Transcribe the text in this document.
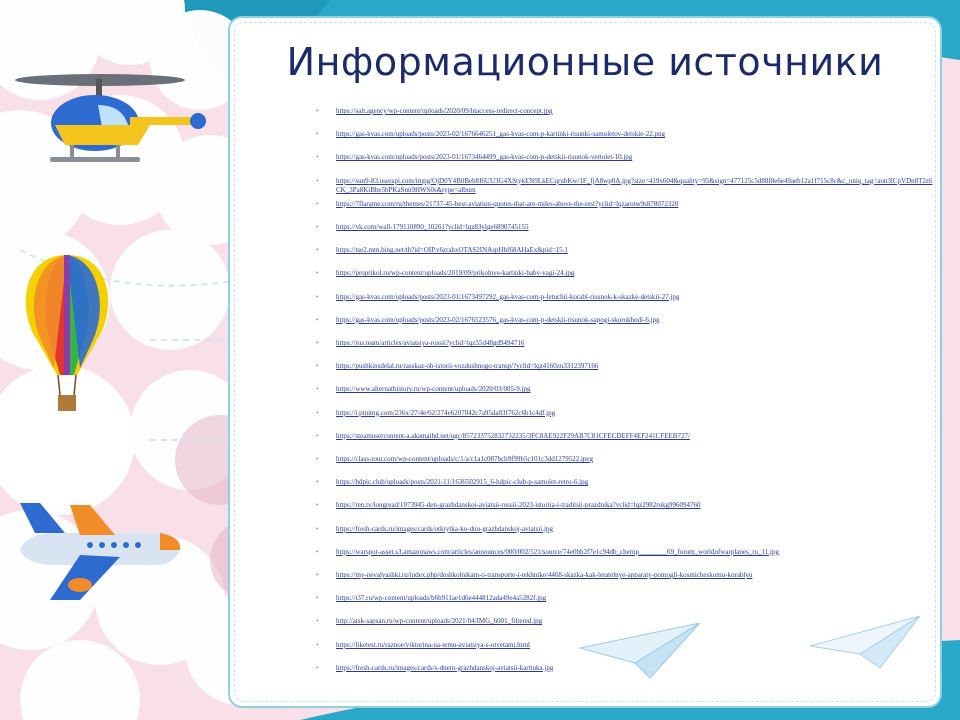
Информационные источники
• https://salt.agency/wp-content/uploads/2020/09/htaccess-redirect-concept.jpg
• https://gas-kvas.com/uploads/posts/2023-02/1676646251_gas-kvas-com-p-kartinki-risunki-samoletov-detskie-22.png
• https://gas-kvas.com/uploads/posts/2023-01/1673464499_gas-kvas-com-p-detskii-risunok-vertolet-10.jpg
• https://sun9-83.userapi.com/impg/OjD0Y4B0Beb8I6UU3G4XStykEN9LkECqrubKw/1F_fjA8wp0A.jpg?size=419x604&quality=95&sign=477125c5d88f8e6e49aeb12a1f715c8c&c_uniq_tag=aon3lCpVDn8T2z6CK_3Pa8KiBbe5bPKaSnn9HWS0s&type=album
• https://7flarame.com/ru/themes/21737-45-best-aviation-quotes-that-are-miles-above-the-rest?yclid=lqzarotw9s878072320
• https://vk.com/wall-179110890_10261?yclid=lqz83ylge6890745155
• https://tse2.mm.bing.net/th?id=OIP.v6zrabxOTAS2INAspHbf68AHaEx&pid=15.1
• https://proprikol.ru/wp-content/uploads/2019/09/prikolnye-kartinki-baby-yagi-24.jpg
• https://gas-kvas.com/uploads/posts/2023-01/1673497292_gas-kvas-com-p-letuchii-korabl-risunok-k-skazke-detskii-27.jpg
• https://gas-kvas.com/uploads/posts/2023-02/1676523576_gas-kvas-com-p-detskii-risunok-sapogi-skorokhodi-6.jpg
• https://rus.team/articles/aviatsiya-rossii?yclid=lqz55d48gd9494716
• https://pushkinsdelal.ru/rasskaz-ob-istorii-vozdushnogo-transp/?yclid=lqz4160zu3312397166
• https://www.alternathistory.ru/wp-content/uploads/2020/03/005-9.jpg
• https://i.pinimg.com/236x/27/4e/62/274e6207042c7a95da83f762c6b1c4df.jpg
• https://steamusercontent-a.akamaihd.net/ugc/857233752832732235/3FC8AE922F29AB7C81CFECDEFF4EF241CFEEB727/
• https://class-tour.com/wp-content/uploads/c/1/a/c1a1c087bcb9f99b5c101c3dd1279522.jpeg
• https://hdpic.club/uploads/posts/2021-11/1636502915_6-hdpic-club-p-samolet-retro-6.jpg
• https://ren.tv/longread/1073945-den-grazhdanskoi-aviatsii-rossii-2023-istoriia-i-traditsii-prazdnika?yclid=lqz2982rukg996094760
• https://fresh-cards.ru/images/cards/otkrytka-ko-dnu-grazhdanskoj-aviatsii.jpg
• https://warspot-asset.s3.amazonaws.com/articles/announces/000/002/521/source/74e0bb2f7e1c94db_chernp________69_forum_worldofwarplanes_ru_11.jpg
• https://my-nevalyashki.ru/index.php/doshkolnikam-o-transporte-i-tekhnike/4468-skazka-kak-letatelnye-apparaty-pomogli-kosmicheskomu-korablyu
• https://t37.ru/wp-content/uploads/b6b911ae1d6e444812ada49e4a5282f.jpg
• http://atsk-sapsan.ru/wp-content/uploads/2021/04/IMG_6001_filtered.jpg
• https://liketest.ru/raznoe/viktorina-na-temu-aviatsiya-s-otvetami.html
• https://fresh-cards.ru/images/cards/s-dnem-grazhdanskoj-aviatsii-kartinka.jpg
